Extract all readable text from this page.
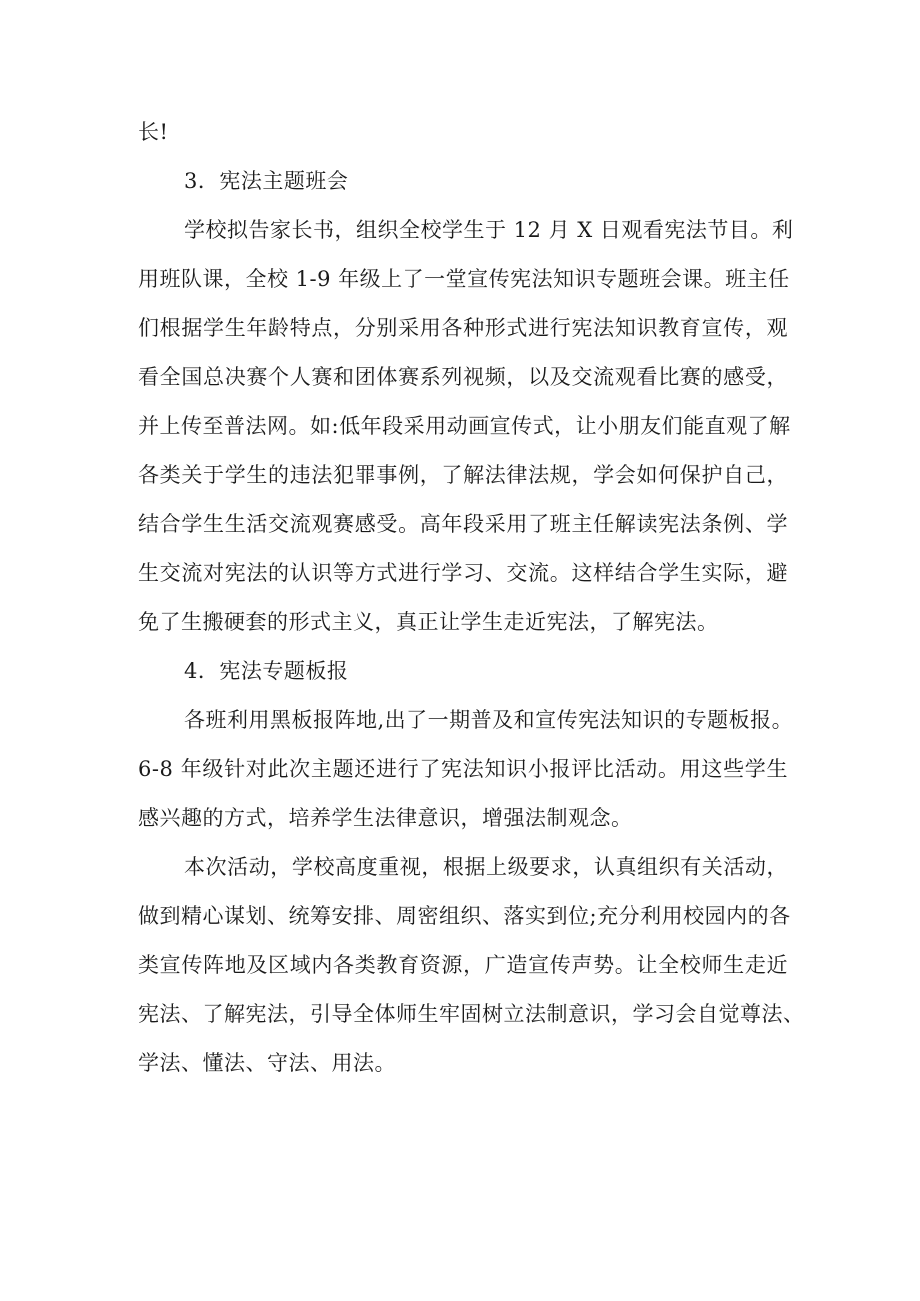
长!
3．宪法主题班会
学校拟告家长书，组织全校学生于 12 月 X 日观看宪法节目。利
用班队课，全校 1-9 年级上了一堂宣传宪法知识专题班会课。班主任
们根据学生年龄特点，分别采用各种形式进行宪法知识教育宣传，观
看全国总决赛个人赛和团体赛系列视频，以及交流观看比赛的感受，
并上传至普法网。如:低年段采用动画宣传式，让小朋友们能直观了解
各类关于学生的违法犯罪事例，了解法律法规，学会如何保护自己，
结合学生生活交流观赛感受。高年段采用了班主任解读宪法条例、学
生交流对宪法的认识等方式进行学习、交流。这样结合学生实际，避
免了生搬硬套的形式主义，真正让学生走近宪法，了解宪法。
4．宪法专题板报
各班利用黑板报阵地,出了一期普及和宣传宪法知识的专题板报。
6-8 年级针对此次主题还进行了宪法知识小报评比活动。用这些学生
感兴趣的方式，培养学生法律意识，增强法制观念。
本次活动，学校高度重视，根据上级要求，认真组织有关活动，
做到精心谋划、统筹安排、周密组织、落实到位;充分利用校园内的各
类宣传阵地及区域内各类教育资源，广造宣传声势。让全校师生走近
宪法、了解宪法，引导全体师生牢固树立法制意识，学习会自觉尊法、
学法、懂法、守法、用法。
